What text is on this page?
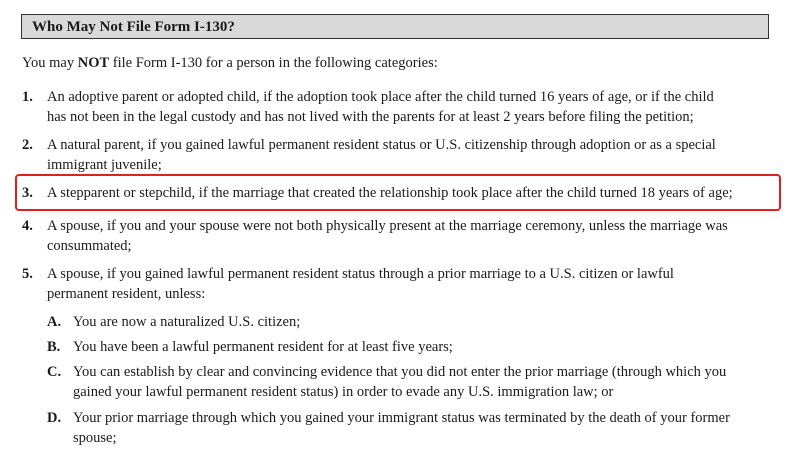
Who May Not File Form I-130?
You may NOT file Form I-130 for a person in the following categories:
1. An adoptive parent or adopted child, if the adoption took place after the child turned 16 years of age, or if the child
has not been in the legal custody and has not lived with the parents for at least 2 years before filing the petition;
2. A natural parent, if you gained lawful permanent resident status or U.S. citizenship through adoption or as a special
immigrant juvenile;
3. A stepparent or stepchild, if the marriage that created the relationship took place after the child turned 18 years of age;
4. A spouse, if you and your spouse were not both physically present at the marriage ceremony, unless the marriage was
consummated;
5. A spouse, if you gained lawful permanent resident status through a prior marriage to a U.S. citizen or lawful
permanent resident, unless:
A. You are now a naturalized U.S. citizen;
B. You have been a lawful permanent resident for at least five years;
C. You can establish by clear and convincing evidence that you did not enter the prior marriage (through which you
gained your lawful permanent resident status) in order to evade any U.S. immigration law; or
D. Your prior marriage through which you gained your immigrant status was terminated by the death of your former
spouse;
